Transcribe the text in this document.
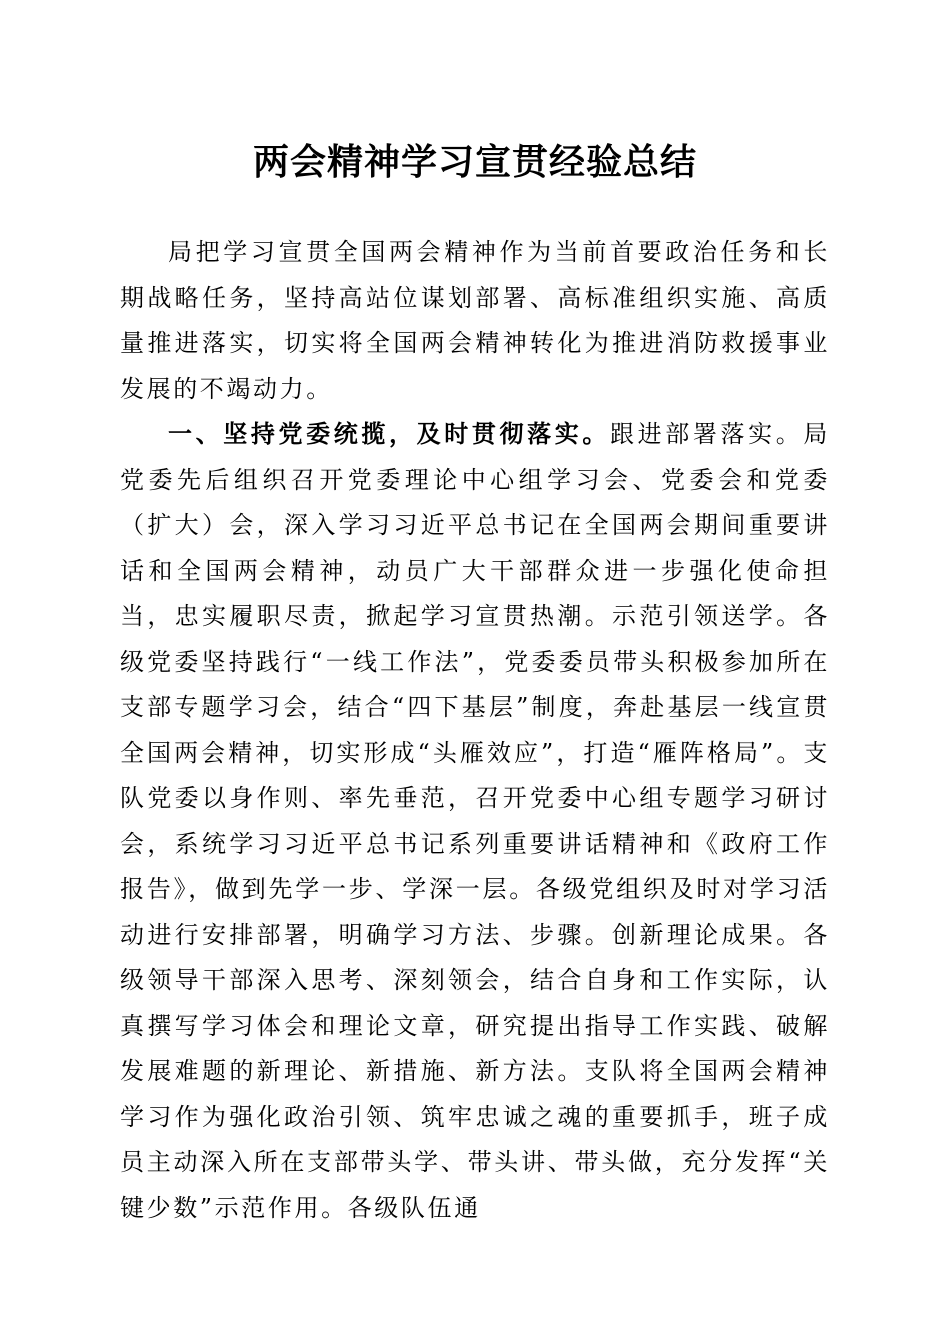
两会精神学习宣贯经验总结

局把学习宣贯全国两会精神作为当前首要政治任务和长期战略任务，坚持高站位谋划部署、高标准组织实施、高质量推进落实，切实将全国两会精神转化为推进消防救援事业发展的不竭动力。

一、坚持党委统揽，及时贯彻落实。跟进部署落实。局党委先后组织召开党委理论中心组学习会、党委会和党委（扩大）会，深入学习习近平总书记在全国两会期间重要讲话和全国两会精神，动员广大干部群众进一步强化使命担当，忠实履职尽责，掀起学习宣贯热潮。示范引领送学。各级党委坚持践行“一线工作法”，党委委员带头积极参加所在支部专题学习会，结合“四下基层”制度，奔赴基层一线宣贯全国两会精神，切实形成“头雁效应”，打造“雁阵格局”。支队党委以身作则、率先垂范，召开党委中心组专题学习研讨会，系统学习习近平总书记系列重要讲话精神和《政府工作报告》，做到先学一步、学深一层。各级党组织及时对学习活动进行安排部署，明确学习方法、步骤。创新理论成果。各级领导干部深入思考、深刻领会，结合自身和工作实际，认真撰写学习体会和理论文章，研究提出指导工作实践、破解发展难题的新理论、新措施、新方法。支队将全国两会精神学习作为强化政治引领、筑牢忠诚之魂的重要抓手，班子成员主动深入所在支部带头学、带头讲、带头做，充分发挥“关键少数”示范作用。各级队伍通
